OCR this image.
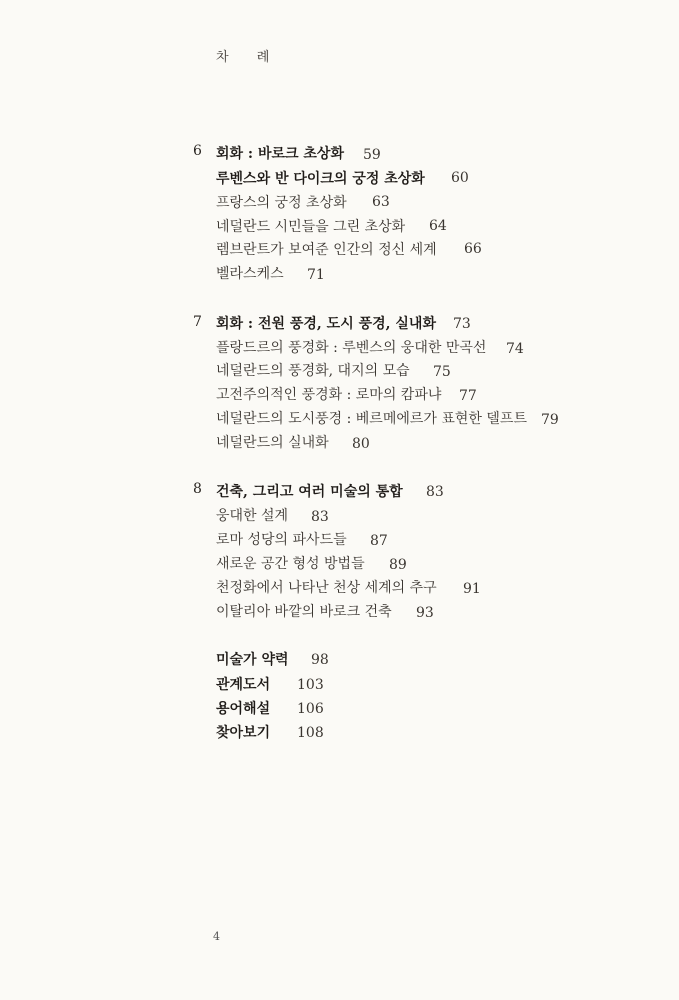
차 례
6 회화 : 바로크 초상화 59
루벤스와 반 다이크의 궁정 초상화 60
프랑스의 궁정 초상화 63
네덜란드 시민들을 그린 초상화 64
렘브란트가 보여준 인간의 정신 세계 66
벨라스케스 71
7 회화 : 전원 풍경, 도시 풍경, 실내화 73
플랑드르의 풍경화 : 루벤스의 웅대한 만곡선 74
네덜란드의 풍경화, 대지의 모습 75
고전주의적인 풍경화 : 로마의 캄파냐 77
네덜란드의 도시풍경 : 베르메에르가 표현한 델프트 79
네덜란드의 실내화 80
8 건축, 그리고 여러 미술의 통합 83
웅대한 설계 83
로마 성당의 파사드들 87
새로운 공간 형성 방법들 89
천정화에서 나타난 천상 세계의 추구 91
이탈리아 바깥의 바로크 건축 93
미술가 약력 98
관계도서 103
용어해설 106
찾아보기 108
4
